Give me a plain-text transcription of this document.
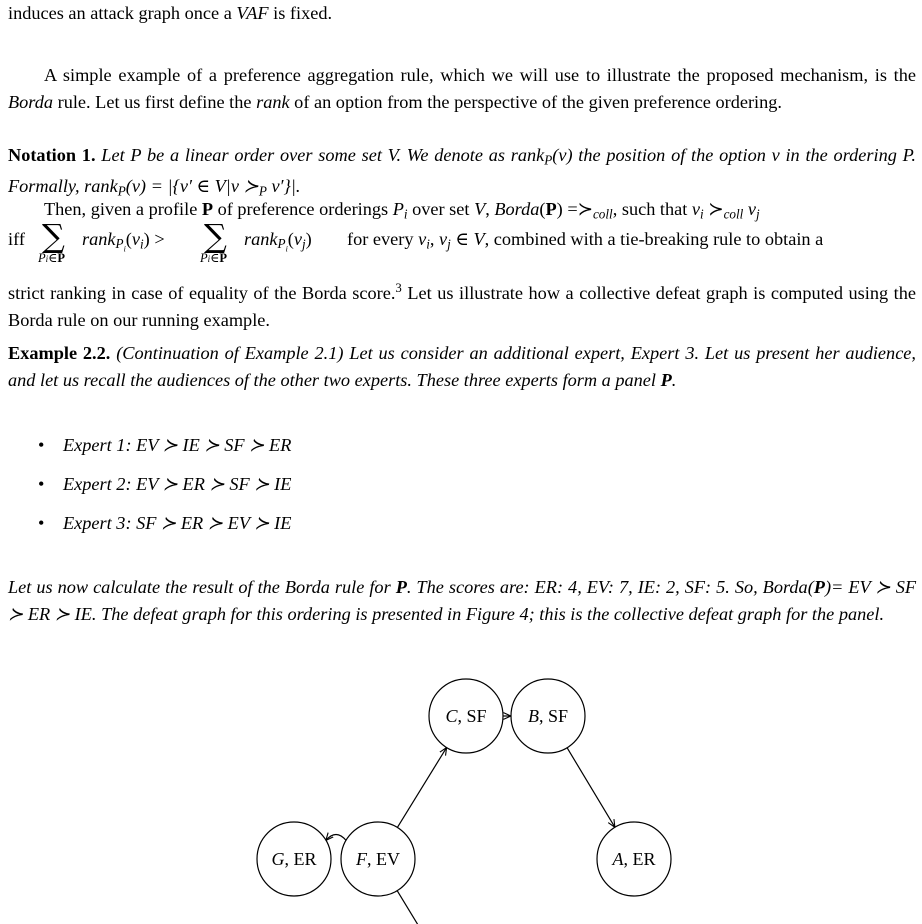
induces an attack graph once a VAF is fixed.

A simple example of a preference aggregation rule, which we will use to illustrate the proposed mechanism, is the Borda rule. Let us first define the rank of an option from the perspective of the given preference ordering.

Notation 1. Let P be a linear order over some set V. We denote as rank$_P$(v) the position of the option v in the ordering P. Formally, rank$_P$(v) = |{v′ ∈ V|v $≻_P$ v′}|.

Then, given a profile P of preference orderings $P_i$ over set V, Borda(P) $=≻_{coll}$, such that $v_i$ $≻_{coll}$ $v_j$

iff ∑
Pi∈P
$rank_{P_i}(v_i)$ > ∑
Pi∈P
$rank_{P_i}(v_j)$ for every $v_i$, $v_j$ ∈ V, combined with a tie-breaking rule to obtain a

strict ranking in case of equality of the Borda score.$^3$ Let us illustrate how a collective defeat graph is computed using the Borda rule on our running example.

Example 2.2. (Continuation of Example 2.1) Let us consider an additional expert, Expert 3. Let us present her audience, and let us recall the audiences of the other two experts. These three experts form a panel P.

• Expert 1: EV ≻ IE ≻ SF ≻ ER
• Expert 2: EV ≻ ER ≻ SF ≻ IE
• Expert 3: SF ≻ ER ≻ EV ≻ IE

Let us now calculate the result of the Borda rule for P. The scores are: ER: 4, EV: 7, IE: 2, SF: 5. So, Borda(P)= EV ≻ SF ≻ ER ≻ IE. The defeat graph for this ordering is presented in Figure 4; this is the collective defeat graph for the panel.

C, SF B, SF
G, ER F, EV	A, ER
